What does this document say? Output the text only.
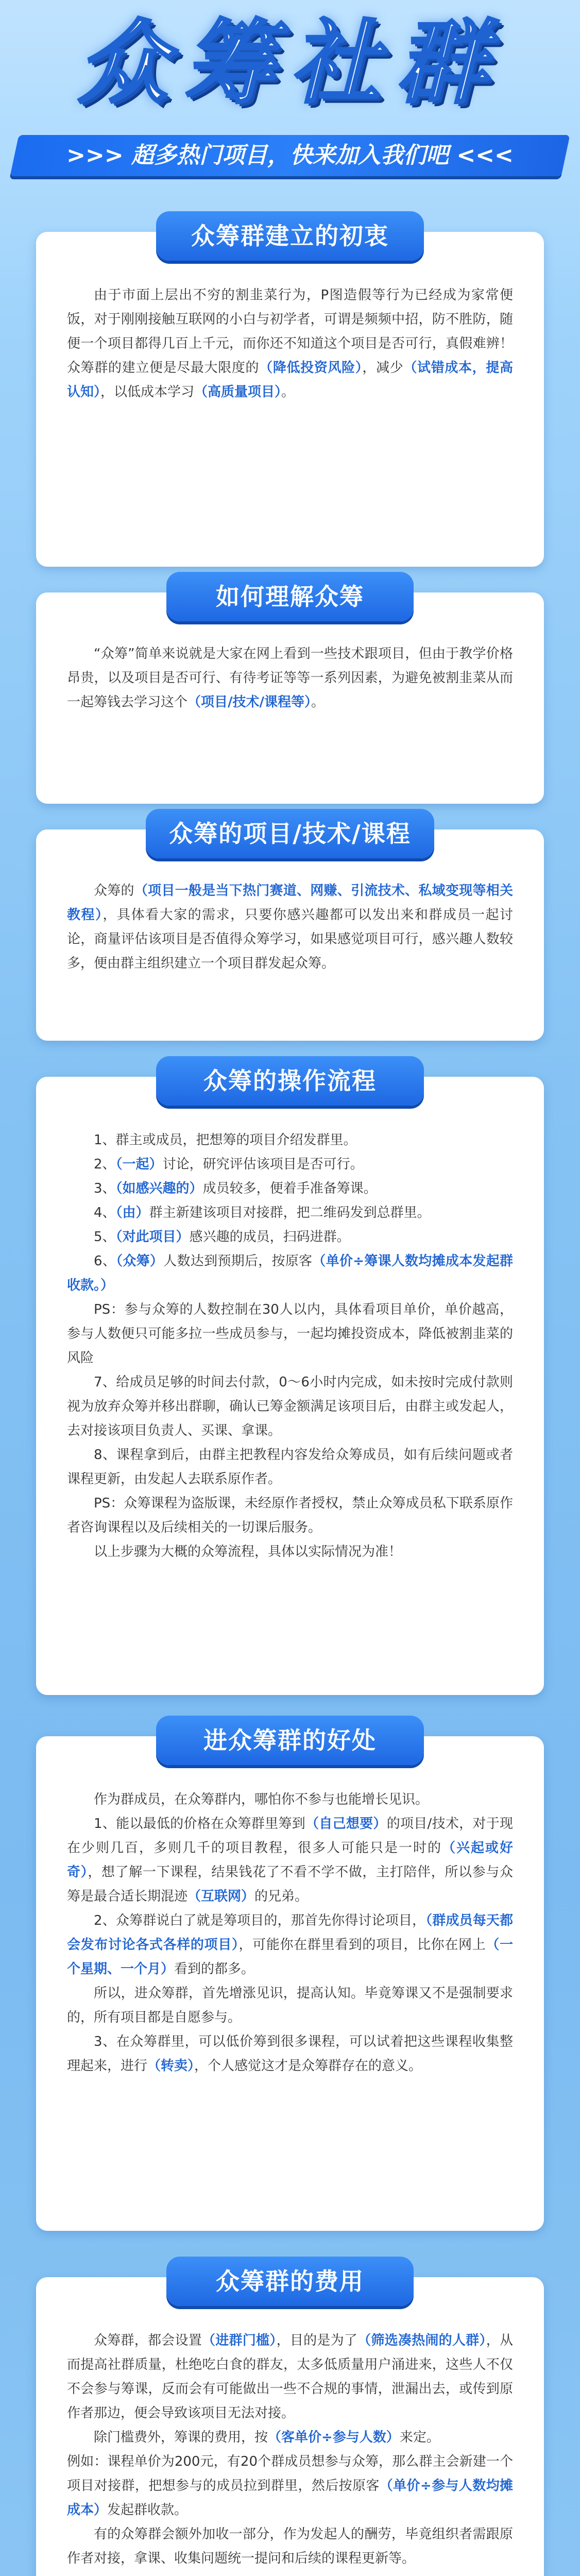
众筹社群
>>> 超多热门项目，快来加入我们吧 <<<
众筹群建立的初衷

由于市面上层出不穷的割韭菜行为，P图造假等行为已经成为家常便饭，对于刚刚接触互联网的小白与初学者，可谓是频频中招，防不胜防，随便一个项目都得几百上千元，而你还不知道这个项目是否可行，真假难辨！众筹群的建立便是尽最大限度的（降低投资风险），减少（试错成本，提高认知），以低成本学习（高质量项目）。

如何理解众筹

“众筹”简单来说就是大家在网上看到一些技术跟项目，但由于教学价格昂贵，以及项目是否可行、有待考证等等一系列因素，为避免被割韭菜从而一起筹钱去学习这个（项目/技术/课程等）。

众筹的项目/技术/课程

众筹的（项目一般是当下热门赛道、网赚、引流技术、私域变现等相关教程），具体看大家的需求，只要你感兴趣都可以发出来和群成员一起讨论，商量评估该项目是否值得众筹学习，如果感觉项目可行，感兴趣人数较多，便由群主组织建立一个项目群发起众筹。

众筹的操作流程

1、群主或成员，把想筹的项目介绍发群里。

2、（一起）讨论，研究评估该项目是否可行。

3、（如感兴趣的）成员较多，便着手准备筹课。

4、（由）群主新建该项目对接群，把二维码发到总群里。

5、（对此项目）感兴趣的成员，扫码进群。

6、（众筹）人数达到预期后，按原客（单价÷筹课人数均摊成本发起群收款。）

PS：参与众筹的人数控制在30人以内，具体看项目单价，单价越高，参与人数便只可能多拉一些成员参与，一起均摊投资成本，降低被割韭菜的风险

7、给成员足够的时间去付款，0～6小时内完成，如未按时完成付款则视为放弃众筹并移出群聊，确认已筹金额满足该项目后，由群主或发起人，去对接该项目负责人、买课、拿课。

8、课程拿到后，由群主把教程内容发给众筹成员，如有后续问题或者课程更新，由发起人去联系原作者。

PS：众筹课程为盗版课，未经原作者授权，禁止众筹成员私下联系原作者咨询课程以及后续相关的一切课后服务。

以上步骤为大概的众筹流程，具体以实际情况为准！

进众筹群的好处

作为群成员，在众筹群内，哪怕你不参与也能增长见识。

1、能以最低的价格在众筹群里筹到（自己想要）的项目/技术，对于现在少则几百，多则几千的项目教程，很多人可能只是一时的（兴起或好奇），想了解一下课程，结果钱花了不看不学不做，主打陪伴，所以参与众筹是最合适长期混迹（互联网）的兄弟。

2、众筹群说白了就是筹项目的，那首先你得讨论项目，（群成员每天都会发布讨论各式各样的项目），可能你在群里看到的项目，比你在网上（一个星期、一个月）看到的都多。

所以，进众筹群，首先增涨见识，提高认知。毕竟筹课又不是强制要求的，所有项目都是自愿参与。

3、在众筹群里，可以低价筹到很多课程，可以试着把这些课程收集整理起来，进行（转卖），个人感觉这才是众筹群存在的意义。

众筹群的费用

众筹群，都会设置（进群门槛），目的是为了（筛选凑热闹的人群），从而提高社群质量，杜绝吃白食的群友，太多低质量用户涌进来，这些人不仅不会参与筹课，反而会有可能做出一些不合规的事情，泄漏出去，或传到原作者那边，便会导致该项目无法对接。

除门槛费外，筹课的费用，按（客单价÷参与人数）来定。

例如：课程单价为200元，有20个群成员想参与众筹，那么群主会新建一个项目对接群，把想参与的成员拉到群里，然后按原客（单价÷参与人数均摊成本）发起群收款。

有的众筹群会额外加收一部分，作为发起人的酬劳，毕竟组织者需跟原作者对接，拿课、收集问题统一提问和后续的课程更新等。
